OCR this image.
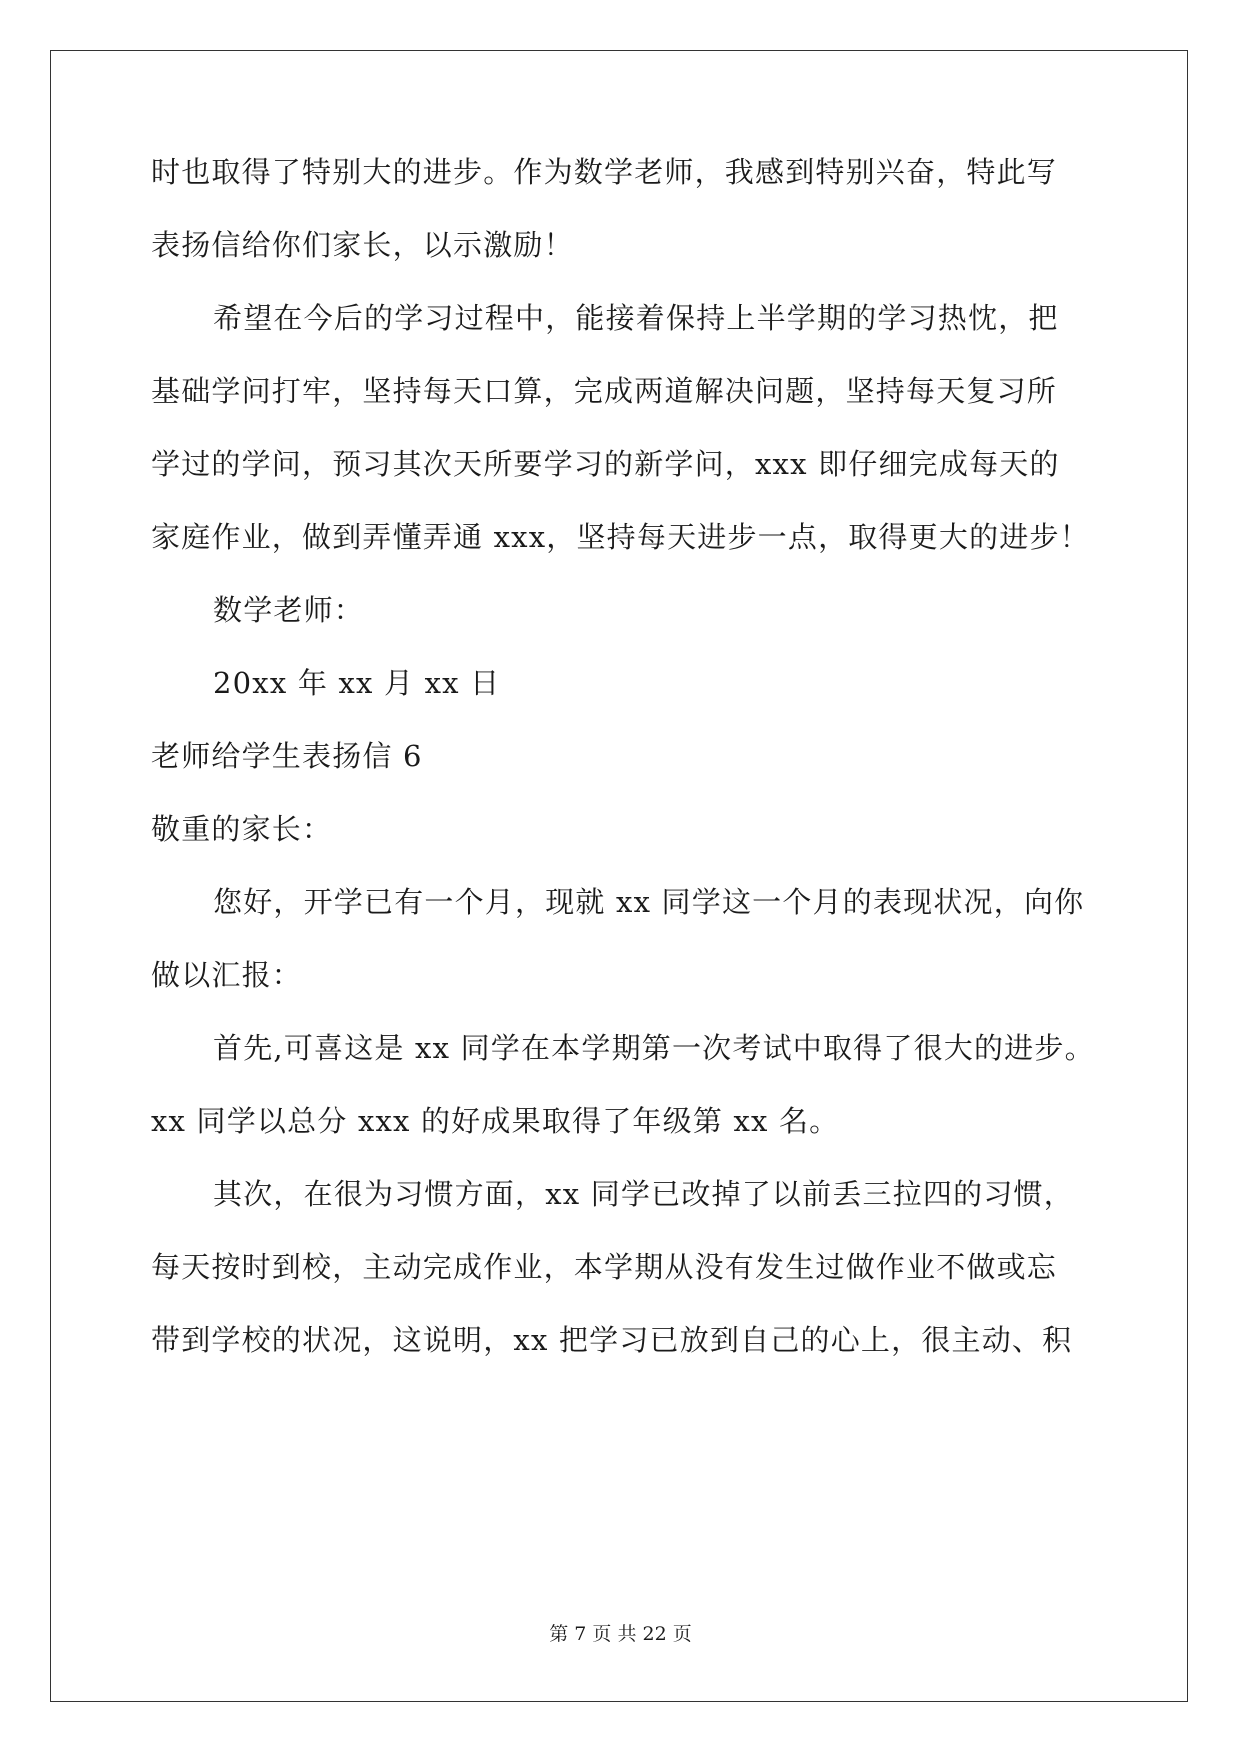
时也取得了特别大的进步。作为数学老师，我感到特别兴奋，特此写
表扬信给你们家长，以示激励！
希望在今后的学习过程中，能接着保持上半学期的学习热忱，把
基础学问打牢，坚持每天口算，完成两道解决问题，坚持每天复习所
学过的学问，预习其次天所要学习的新学问，xxx 即仔细完成每天的
家庭作业，做到弄懂弄通 xxx，坚持每天进步一点，取得更大的进步！
数学老师：
20xx 年 xx 月 xx 日
老师给学生表扬信 6
敬重的家长：
您好，开学已有一个月，现就 xx 同学这一个月的表现状况，向你
做以汇报：
首先,可喜这是 xx 同学在本学期第一次考试中取得了很大的进步。
xx 同学以总分 xxx 的好成果取得了年级第 xx 名。
其次，在很为习惯方面，xx 同学已改掉了以前丢三拉四的习惯，
每天按时到校，主动完成作业，本学期从没有发生过做作业不做或忘
带到学校的状况，这说明，xx 把学习已放到自己的心上，很主动、积
第 7 页 共 22 页
